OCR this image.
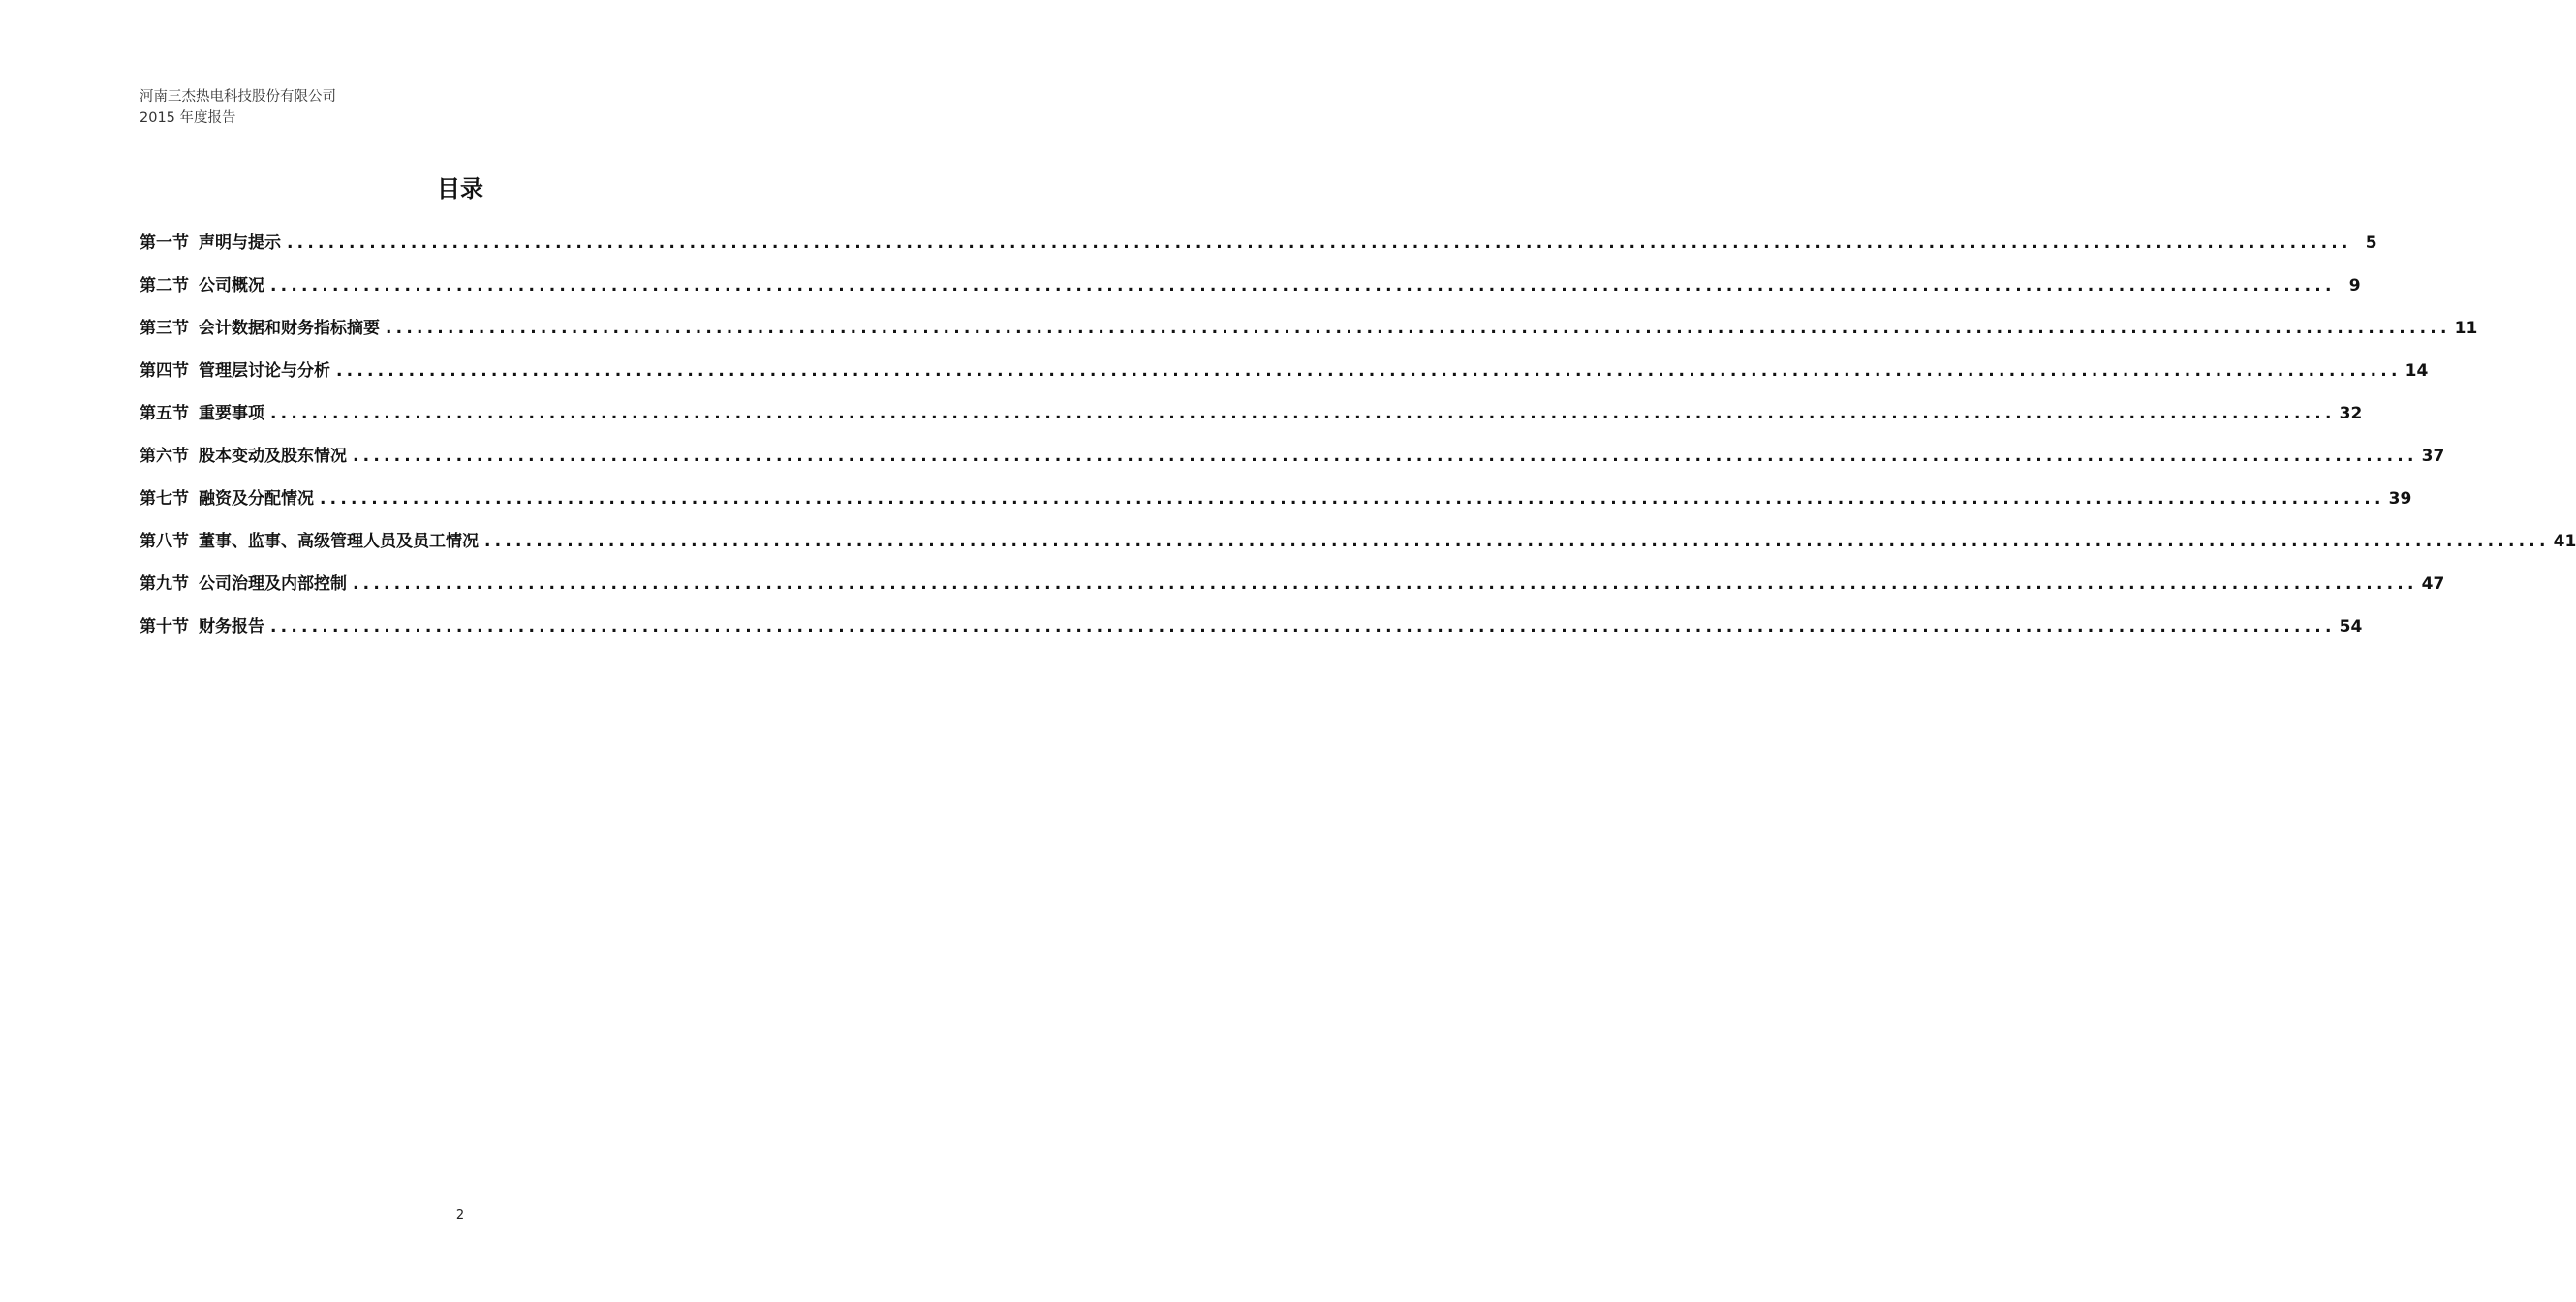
河南三杰热电科技股份有限公司
2015 年度报告
目录
第一节 声明与提示 ........................................................................................................................................................................................................ 5
第二节 公司概况 ........................................................................................................................................................................................................ 9
第三节 会计数据和财务指标摘要 ........................................................................................................................................................................................................ 11
第四节 管理层讨论与分析 ........................................................................................................................................................................................................ 14
第五节 重要事项 ........................................................................................................................................................................................................ 32
第六节 股本变动及股东情况 ........................................................................................................................................................................................................ 37
第七节 融资及分配情况 ........................................................................................................................................................................................................ 39
第八节 董事、监事、高级管理人员及员工情况 ........................................................................................................................................................................................................ 41
第九节 公司治理及内部控制 ........................................................................................................................................................................................................ 47
第十节 财务报告 ........................................................................................................................................................................................................ 54
2
